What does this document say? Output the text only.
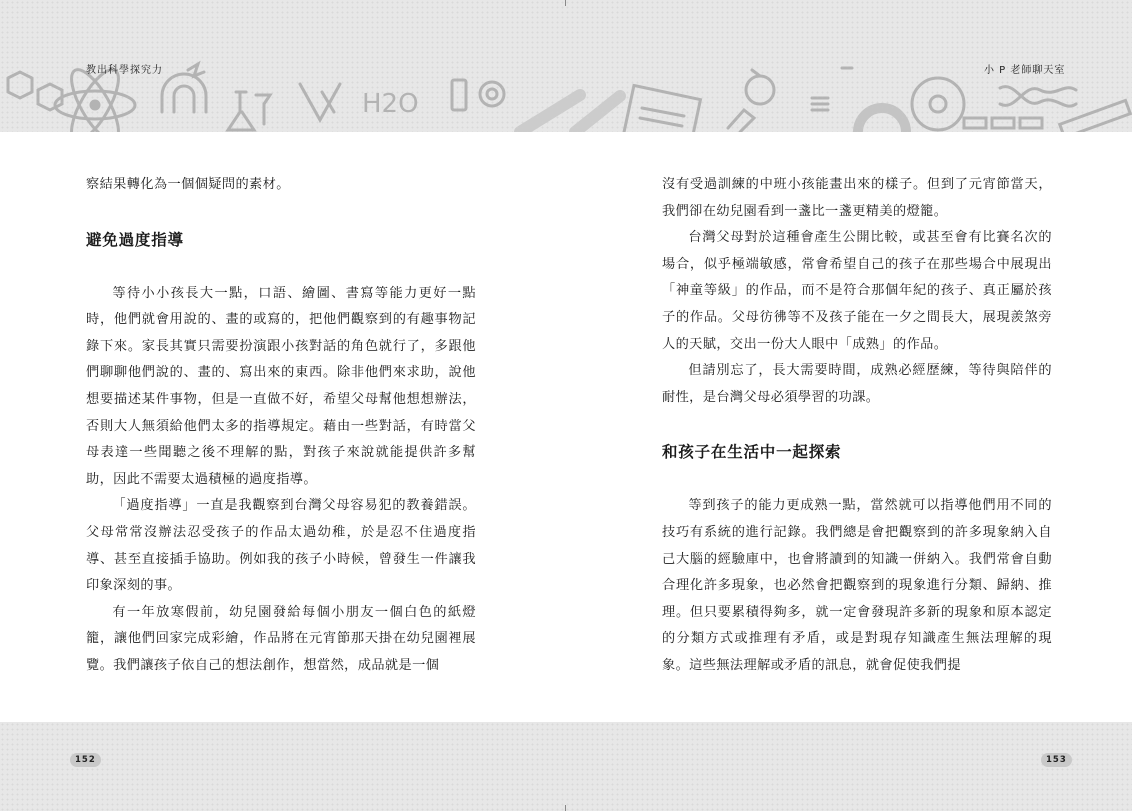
H2O
教出科學探究力	小 P 老師聊天室

察結果轉化為一個個疑問的素材。

避免過度指導

等待小小孩長大一點，口語、繪圖、書寫等能力更好一點時，他們就會用說的、畫的或寫的，把他們觀察到的有趣事物記錄下來。家長其實只需要扮演跟小孩對話的角色就行了，多跟他們聊聊他們說的、畫的、寫出來的東西。除非他們來求助，說他想要描述某件事物，但是一直做不好，希望父母幫他想想辦法，否則大人無須給他們太多的指導規定。藉由一些對話，有時當父母表達一些聞聽之後不理解的點，對孩子來說就能提供許多幫助，因此不需要太過積極的過度指導。

「過度指導」一直是我觀察到台灣父母容易犯的教養錯誤。父母常常沒辦法忍受孩子的作品太過幼稚，於是忍不住過度指導、甚至直接插手協助。例如我的孩子小時候，曾發生一件讓我印象深刻的事。

有一年放寒假前，幼兒園發給每個小朋友一個白色的紙燈籠，讓他們回家完成彩繪，作品將在元宵節那天掛在幼兒園裡展覽。我們讓孩子依自己的想法創作，想當然，成品就是一個

沒有受過訓練的中班小孩能畫出來的樣子。但到了元宵節當天，我們卻在幼兒園看到一盞比一盞更精美的燈籠。

台灣父母對於這種會產生公開比較，或甚至會有比賽名次的場合，似乎極端敏感，常會希望自己的孩子在那些場合中展現出「神童等級」的作品，而不是符合那個年紀的孩子、真正屬於孩子的作品。父母彷彿等不及孩子能在一夕之間長大，展現羨煞旁人的天賦，交出一份大人眼中「成熟」的作品。

但請別忘了，長大需要時間，成熟必經歷練，等待與陪伴的耐性，是台灣父母必須學習的功課。

和孩子在生活中一起探索

等到孩子的能力更成熟一點，當然就可以指導他們用不同的技巧有系統的進行記錄。我們總是會把觀察到的許多現象納入自己大腦的經驗庫中，也會將讀到的知識一併納入。我們常會自動合理化許多現象，也必然會把觀察到的現象進行分類、歸納、推理。但只要累積得夠多，就一定會發現許多新的現象和原本認定的分類方式或推理有矛盾，或是對現存知識產生無法理解的現象。這些無法理解或矛盾的訊息，就會促使我們提

152	153
